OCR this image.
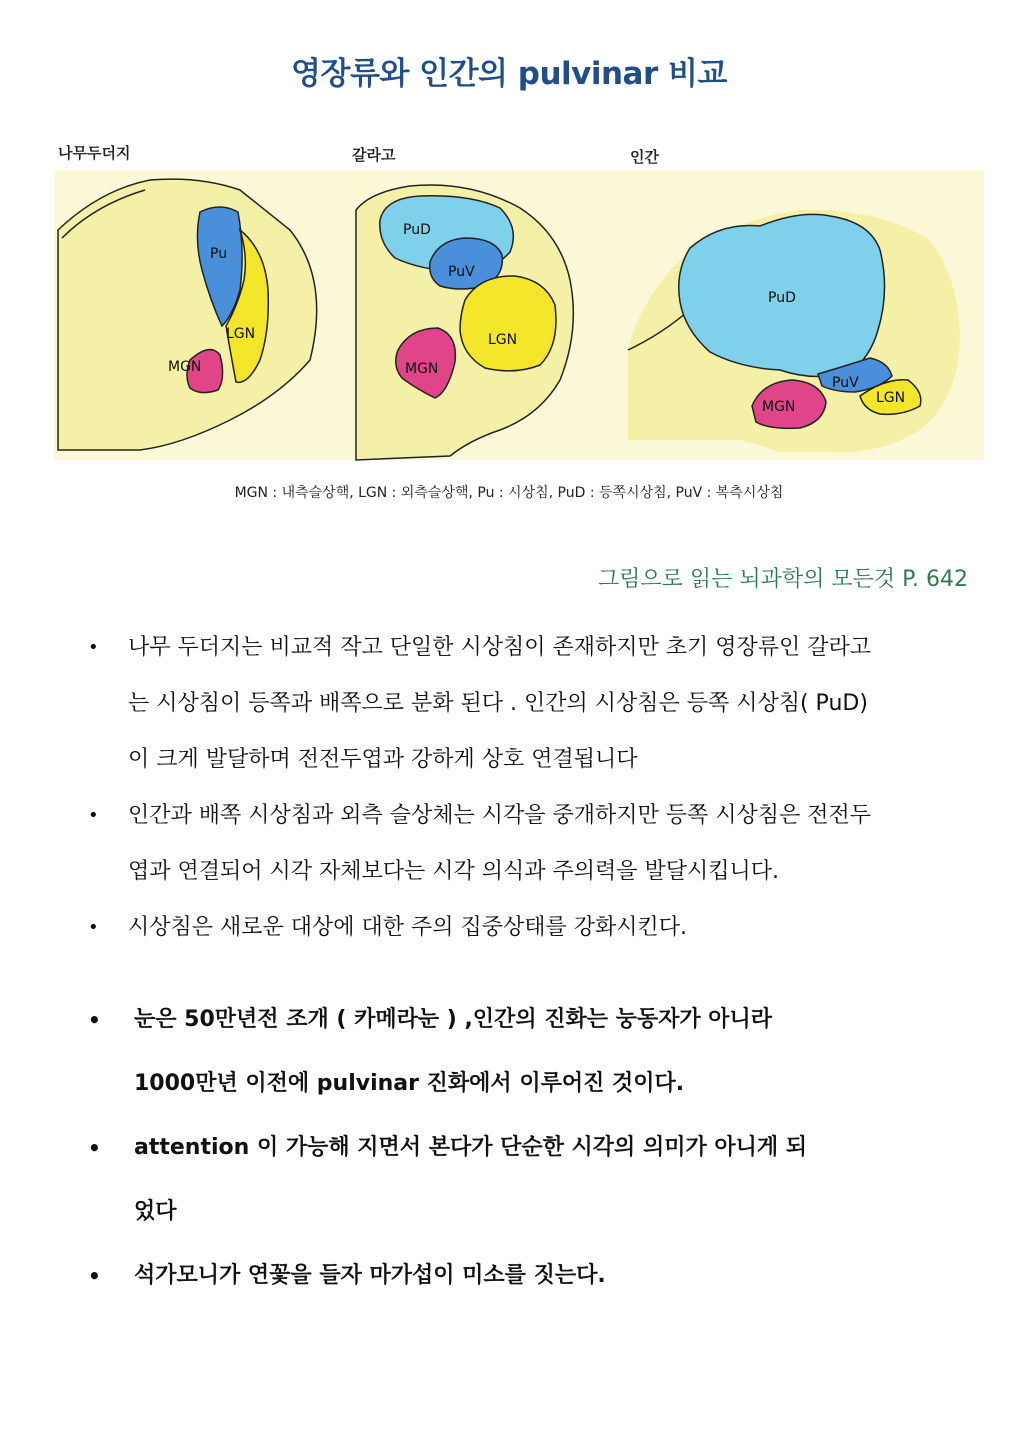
영장류와 인간의 pulvinar 비교
나무두더지	갈라고	인간
Pu
LGN
MGN
PuD
PuV
LGN
MGN
PuD
PuV
LGN
MGN
MGN : 내측슬상핵, LGN : 외측슬상핵, Pu : 시상침, PuD : 등쪽시상침, PuV : 복측시상침
그림으로 읽는 뇌과학의 모든것 P. 642
• 나무 두더지는 비교적 작고 단일한 시상침이 존재하지만 초기 영장류인 갈라고
는 시상침이 등쪽과 배쪽으로 분화 된다 . 인간의 시상침은 등쪽 시상침( PuD)
이 크게 발달하며 전전두엽과 강하게 상호 연결됩니다
• 인간과 배쪽 시상침과 외측 슬상체는 시각을 중개하지만 등쪽 시상침은 전전두
엽과 연결되어 시각 자체보다는 시각 의식과 주의력을 발달시킵니다.
• 시상침은 새로운 대상에 대한 주의 집중상태를 강화시킨다.
• 눈은 50만년전 조개 ( 카메라눈 ) ,인간의 진화는 눙동자가 아니라
1000만년 이전에 pulvinar 진화에서 이루어진 것이다.
• attention 이 가능해 지면서 본다가 단순한 시각의 의미가 아니게 되
었다
• 석가모니가 연꽃을 들자 마가섭이 미소를 짓는다.
